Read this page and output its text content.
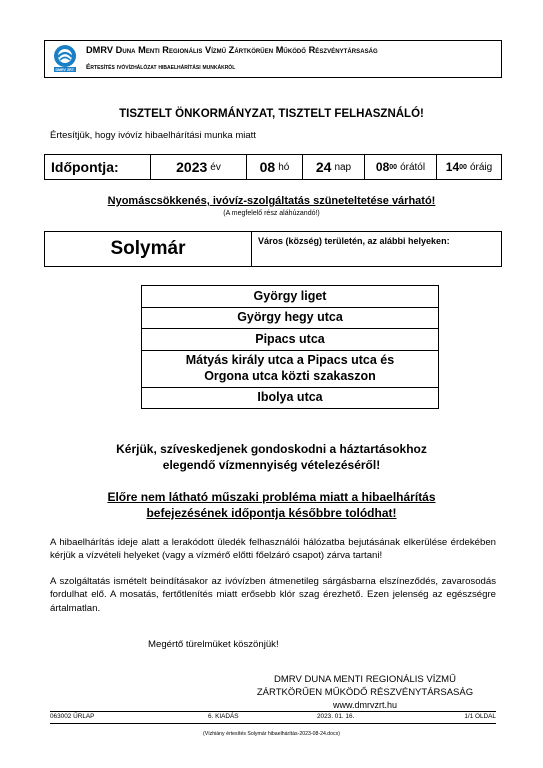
DMRV ZRT.
DMRV Duna Menti Regionális Vízmű Zártkörűen Működő Részvénytársaság
Értesítés ivóvízhálózat hibaelhárítási munkákról
TISZTELT ÖNKORMÁNYZAT, TISZTELT FELHASZNÁLÓ!
Értesítjük, hogy ivóvíz hibaelhárítási munka miatt
Időpontja:	2023 év	08 hó 24 nap 08 00 órától 14 00 óráig
Nyomáscsökkenés, ivóvíz-szolgáltatás szüneteltetése várható!
(A megfelelő rész aláhúzandó!)
Solymár	Város (község) területén, az alábbi helyeken:
György liget
György hegy utca
Pipacs utca
Mátyás király utca a Pipacs utca és
Orgona utca közti szakaszon
Ibolya utca
Kérjük, szíveskedjenek gondoskodni a háztartásokhoz
elegendő vízmennyiség vételezéséről!
Előre nem látható műszaki probléma miatt a hibaelhárítás
befejezésének időpontja későbbre tolódhat!
A hibaelhárítás ideje alatt a lerakódott üledék felhasználói hálózatba bejutásának elkerülése érdekében kérjük a vízvételi helyeket (vagy a vízmérő előtti főelzáró csapot) zárva tartani!
A szolgáltatás ismételt beindításakor az ivóvízben átmenetileg sárgásbarna elszíneződés, zavarosodás fordulhat elő. A mosatás, fertőtlenítés miatt erősebb klór szag érezhető. Ezen jelenség az egészségre ártalmatlan.
Megértő türelmüket köszönjük!
DMRV DUNA MENTI REGIONÁLIS VÍZMŰ
ZÁRTKÖRŰEN MŰKÖDŐ RÉSZVÉNYTÁRSASÁG
www.dmrvzrt.hu
063002 ŰRLAP	6. KIADÁS	2023. 01. 16.	1/1 OLDAL
(Vízhiány értesítés Solymár hibaelhárítás-2023-08-24.docx)
